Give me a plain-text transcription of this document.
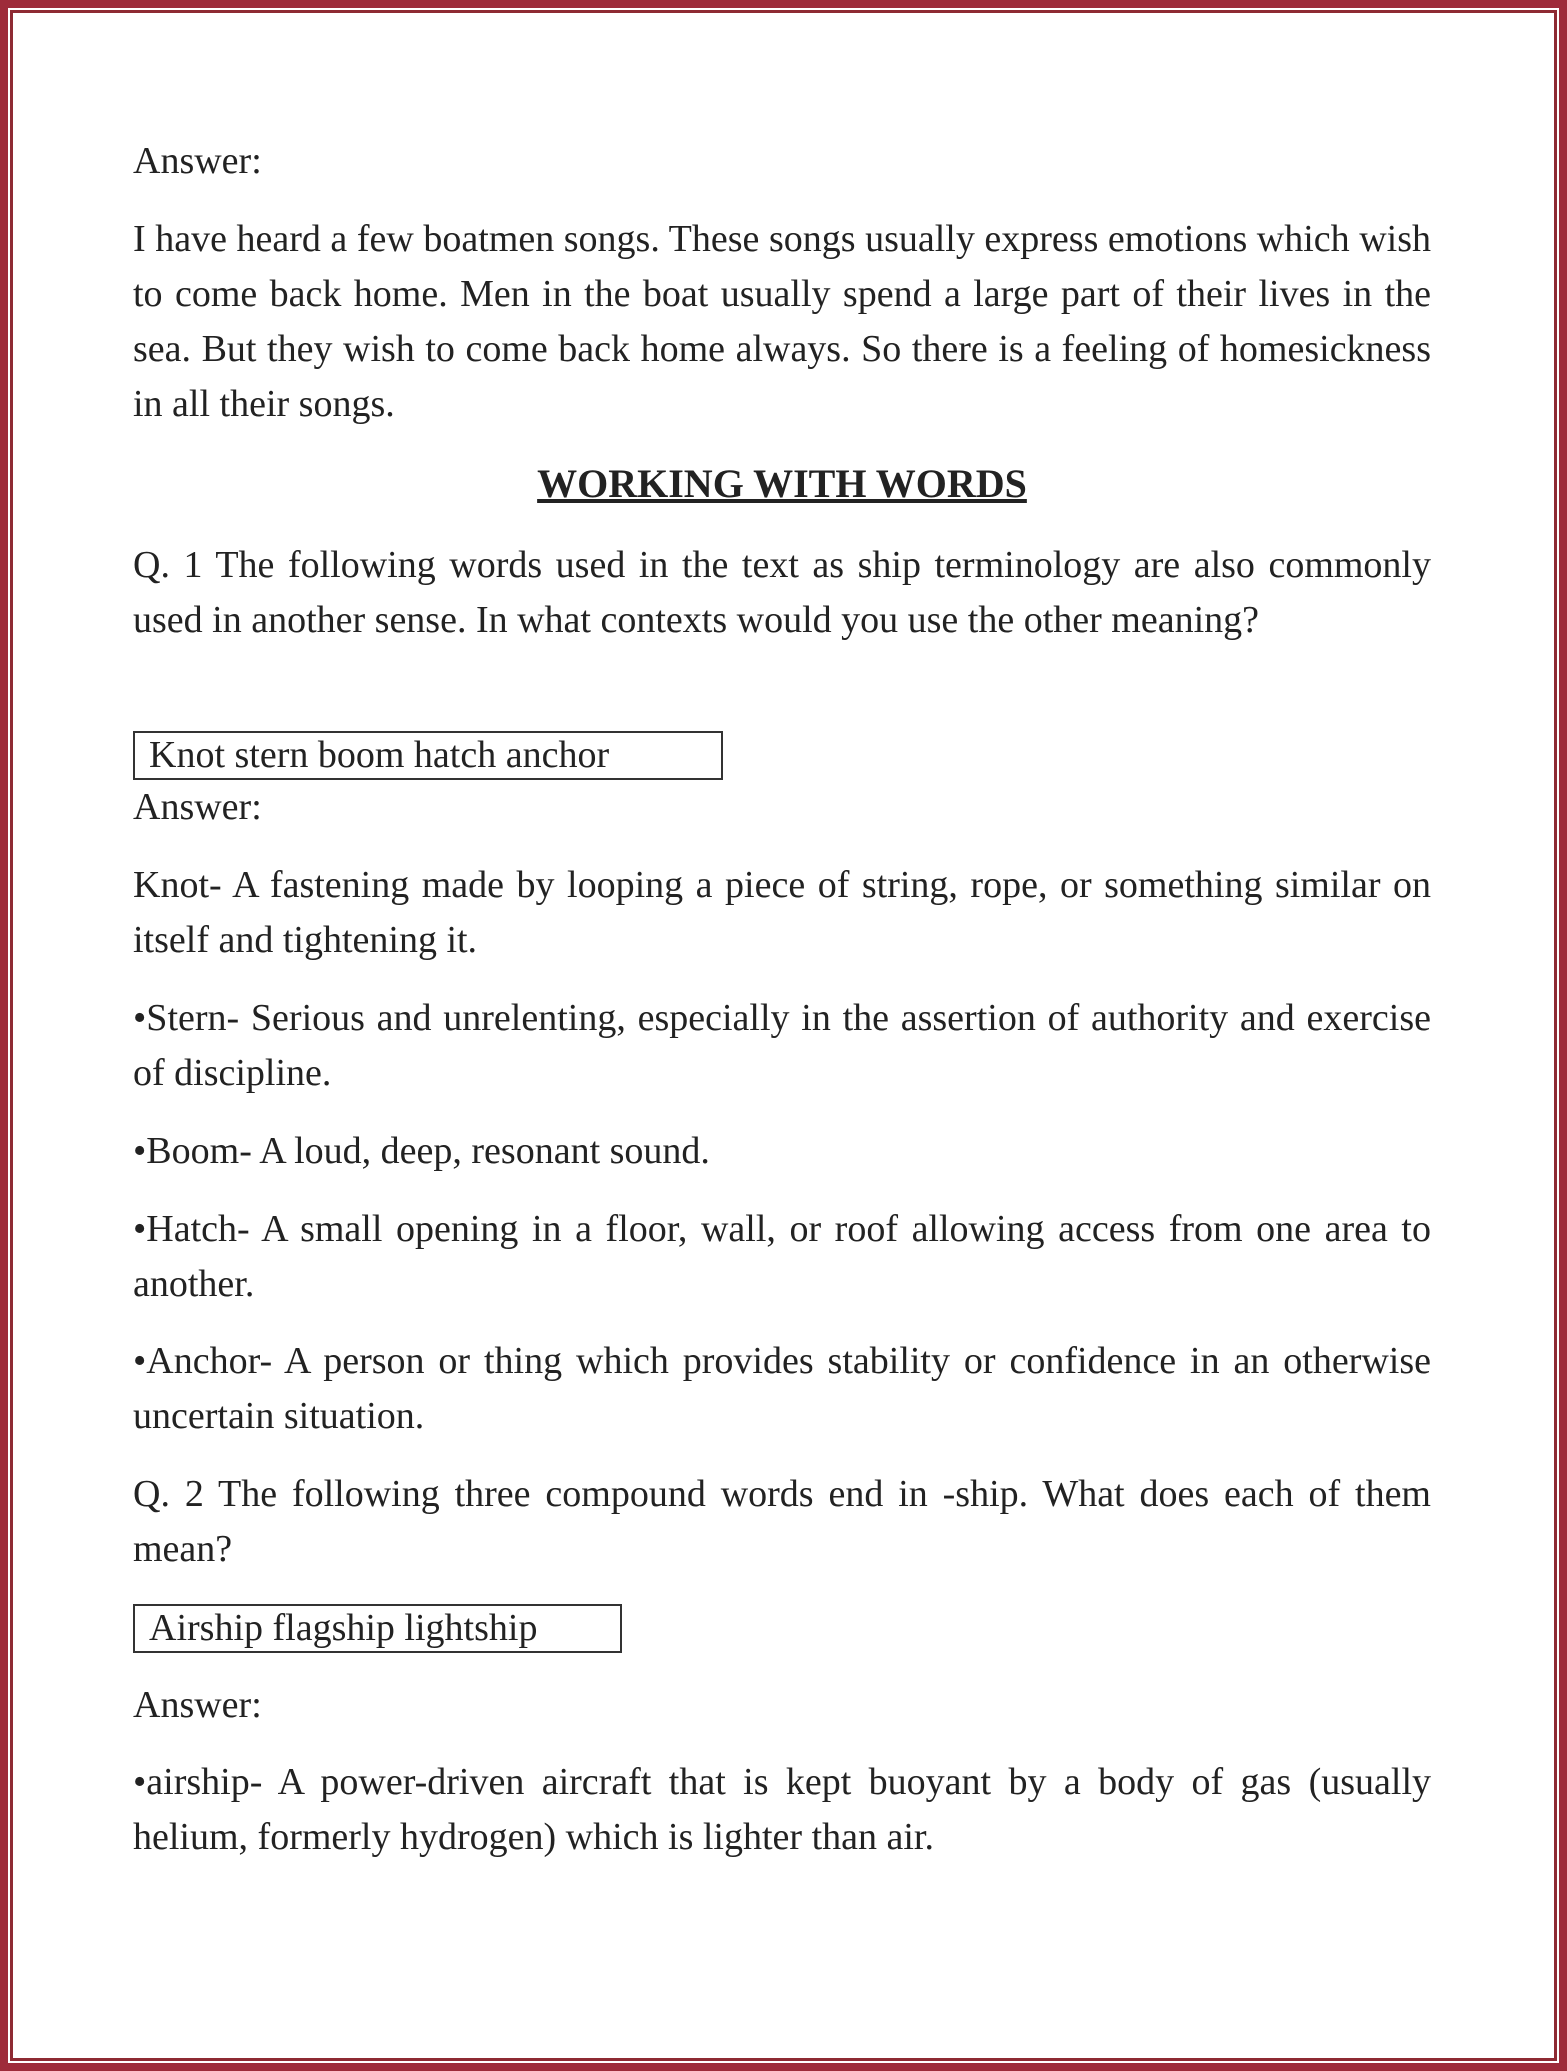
Answer:
I have heard a few boatmen songs. These songs usually express emotions which wish to come back home. Men in the boat usually spend a large part of their lives in the sea. But they wish to come back home always. So there is a feeling of homesickness in all their songs.
WORKING WITH WORDS
Q. 1 The following words used in the text as ship terminology are also commonly used in another sense. In what contexts would you use the other meaning?
Knot stern boom hatch anchor
Answer:
Knot- A fastening made by looping a piece of string, rope, or something similar on itself and tightening it.
•Stern- Serious and unrelenting, especially in the assertion of authority and exercise of discipline.
•Boom- A loud, deep, resonant sound.
•Hatch- A small opening in a floor, wall, or roof allowing access from one area to another.
•Anchor- A person or thing which provides stability or confidence in an otherwise uncertain situation.
Q. 2 The following three compound words end in -ship. What does each of them mean?
Airship flagship lightship
Answer:
•airship- A power-driven aircraft that is kept buoyant by a body of gas (usually helium, formerly hydrogen) which is lighter than air.
